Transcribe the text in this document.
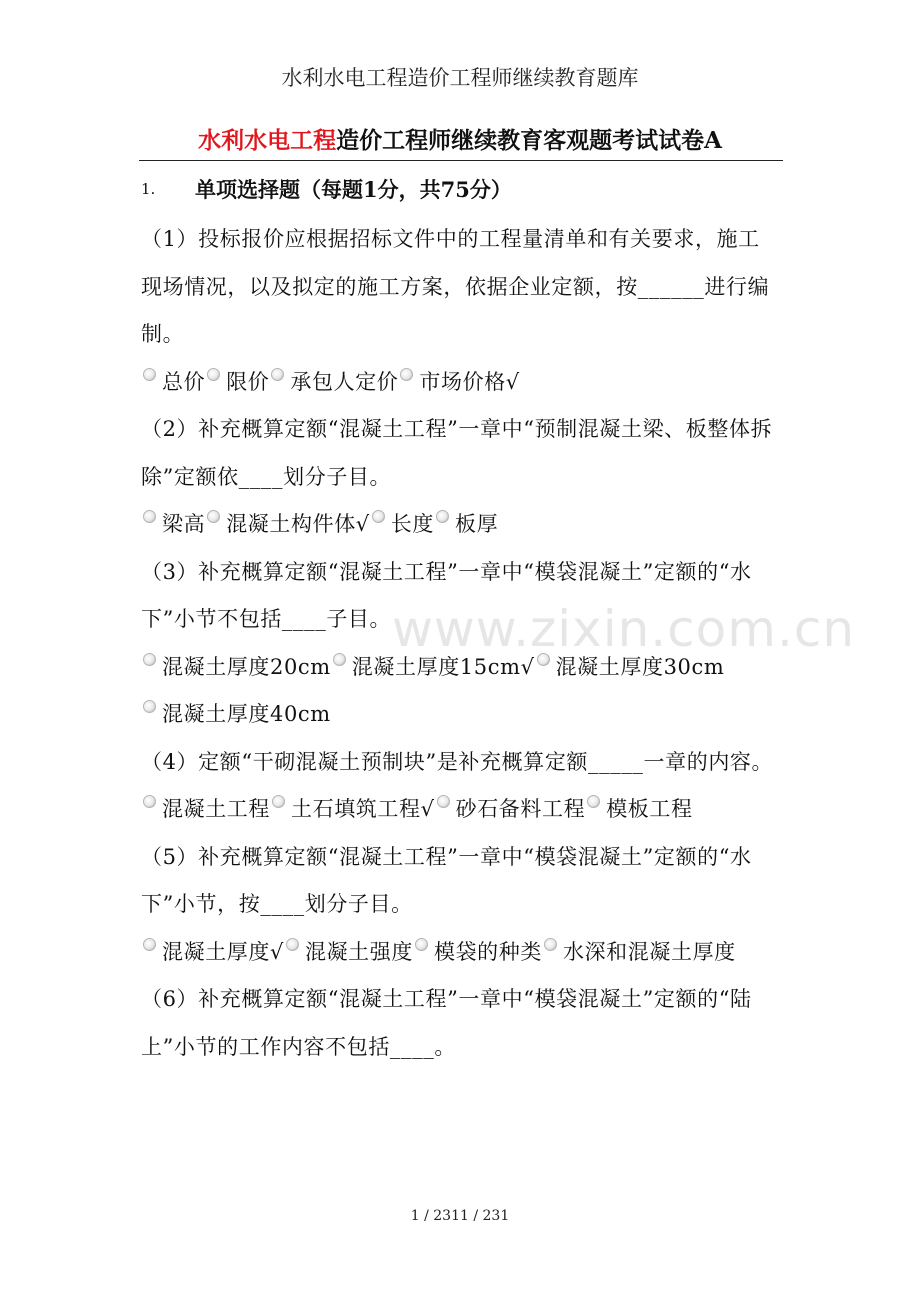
水利水电工程造价工程师继续教育题库
水利水电工程造价工程师继续教育客观题考试试卷A
1. 单项选择题（每题1分，共75分）

（1）投标报价应根据招标文件中的工程量清单和有关要求，施工现场情况，以及拟定的施工方案，依据企业定额，按______进行编制。

总价 限价 承包人定价 市场价格√

（2）补充概算定额“混凝土工程”一章中“预制混凝土梁、板整体拆除”定额依____划分子目。

梁高 混凝土构件体√ 长度 板厚

（3）补充概算定额“混凝土工程”一章中“模袋混凝土”定额的“水下”小节不包括____子目。

混凝土厚度20cm 混凝土厚度15cm√ 混凝土厚度30cm
混凝土厚度40cm

（4）定额“干砌混凝土预制块”是补充概算定额_____一章的内容。

混凝土工程 土石填筑工程√ 砂石备料工程 模板工程

（5）补充概算定额“混凝土工程”一章中“模袋混凝土”定额的“水下”小节，按____划分子目。

混凝土厚度√ 混凝土强度 模袋的种类 水深和混凝土厚度

（6）补充概算定额“混凝土工程”一章中“模袋混凝土”定额的“陆上”小节的工作内容不包括____。

www.zixin.com.cn
1 / 2311 / 231
